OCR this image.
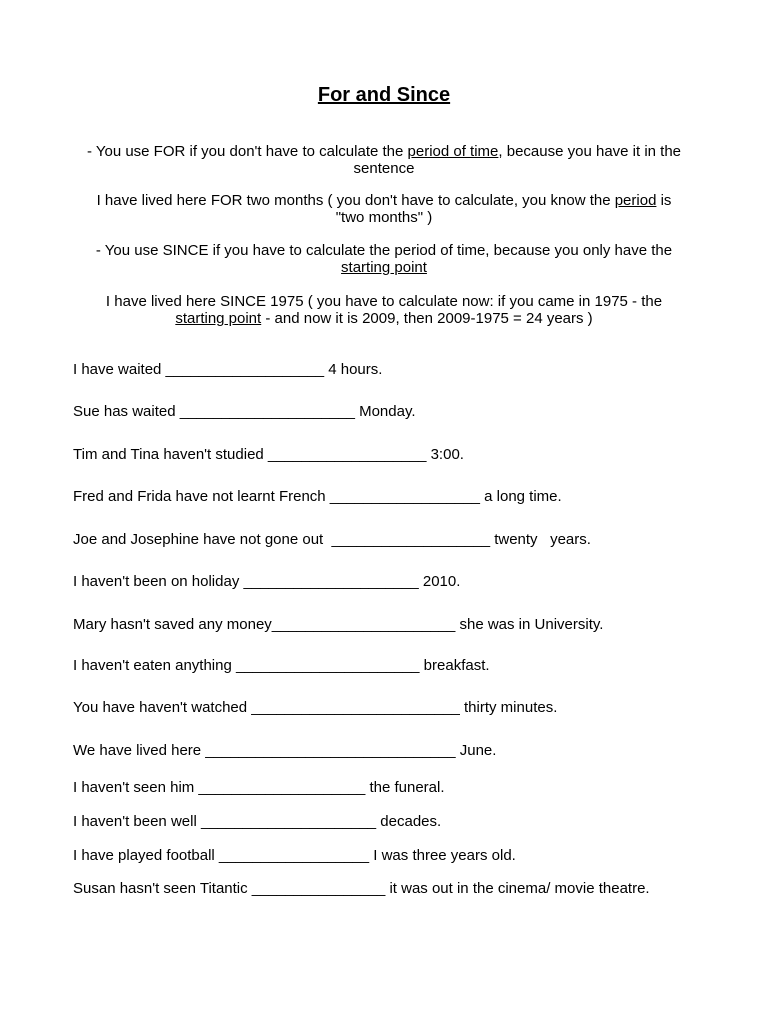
For and Since
- You use FOR if you don't have to calculate the period of time, because you have it in the
sentence
I have lived here FOR two months ( you don't have to calculate, you know the period is
"two months" )
- You use SINCE if you have to calculate the period of time, because you only have the
starting point
I have lived here SINCE 1975 ( you have to calculate now: if you came in 1975 - the
starting point - and now it is 2009, then 2009-1975 = 24 years )
I have waited ___________________ 4 hours.
Sue has waited _____________________ Monday.
Tim and Tina haven't studied ___________________ 3:00.
Fred and Frida have not learnt French __________________ a long time.
Joe and Josephine have not gone out  ___________________ twenty   years.
I haven't been on holiday _____________________ 2010.
Mary hasn't saved any money______________________ she was in University.
I haven't eaten anything ______________________ breakfast.
You have haven't watched _________________________ thirty minutes.
We have lived here ______________________________ June.
I haven't seen him ____________________ the funeral.
I haven't been well _____________________ decades.
I have played football __________________ I was three years old.
Susan hasn't seen Titantic ________________ it was out in the cinema/ movie theatre.
